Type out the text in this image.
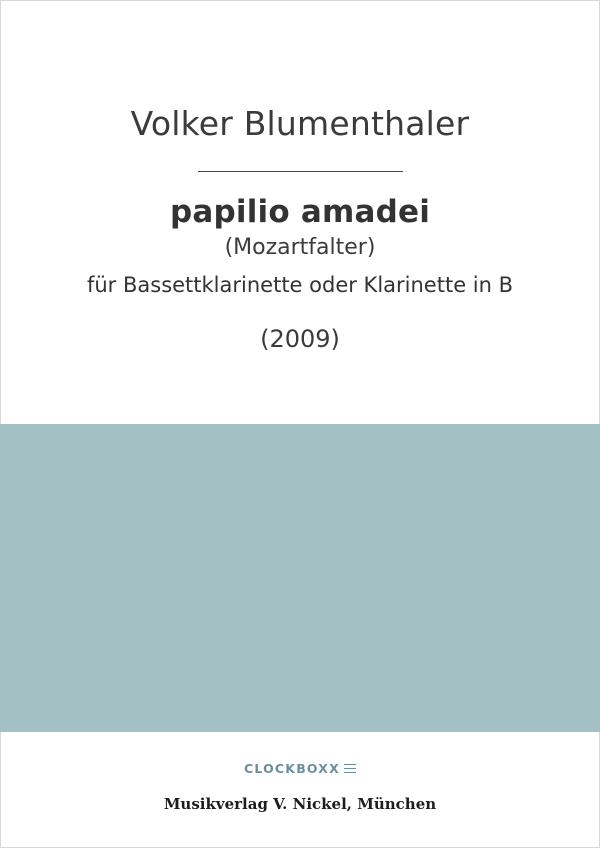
Volker Blumenthaler
papilio amadei
(Mozartfalter)
für Bassettklarinette oder Klarinette in B
(2009)
CLOCKBOXX
Musikverlag V. Nickel, München
